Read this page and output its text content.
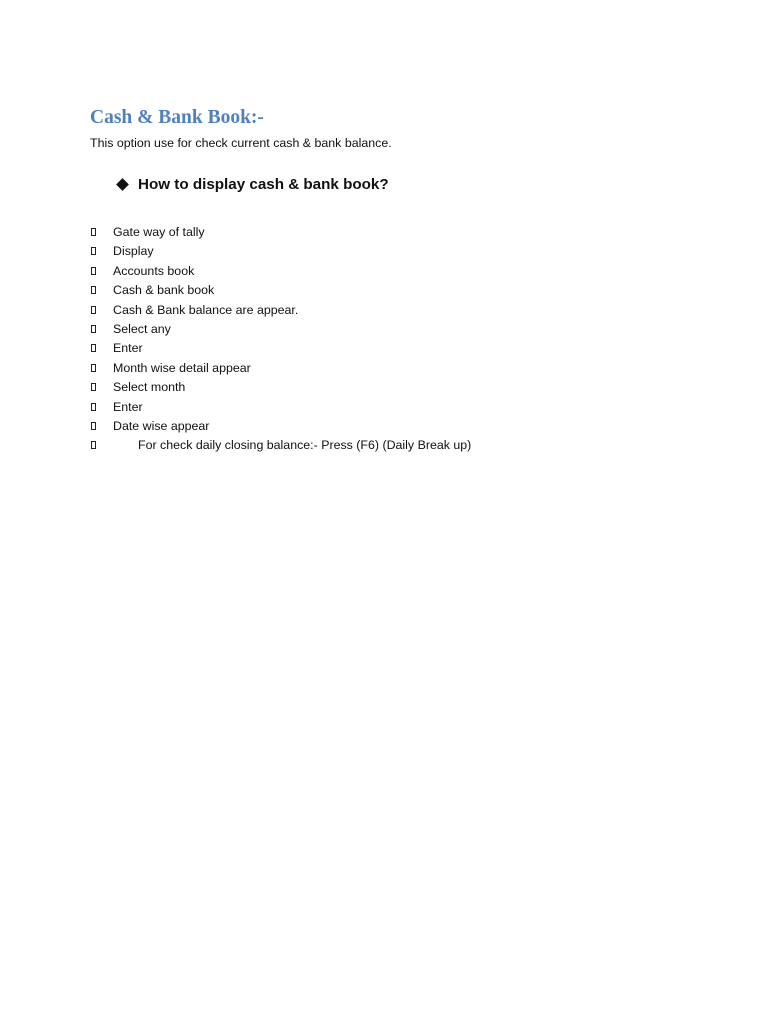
Cash & Bank Book:-

This option use for check current cash & bank balance.

How to display cash & bank book?
Gate way of tally
Display
Accounts book
Cash & bank book
Cash & Bank balance are appear.
Select any
Enter
Month wise detail appear
Select month
Enter
Date wise appear
For check daily closing balance:- Press (F6) (Daily Break up)
